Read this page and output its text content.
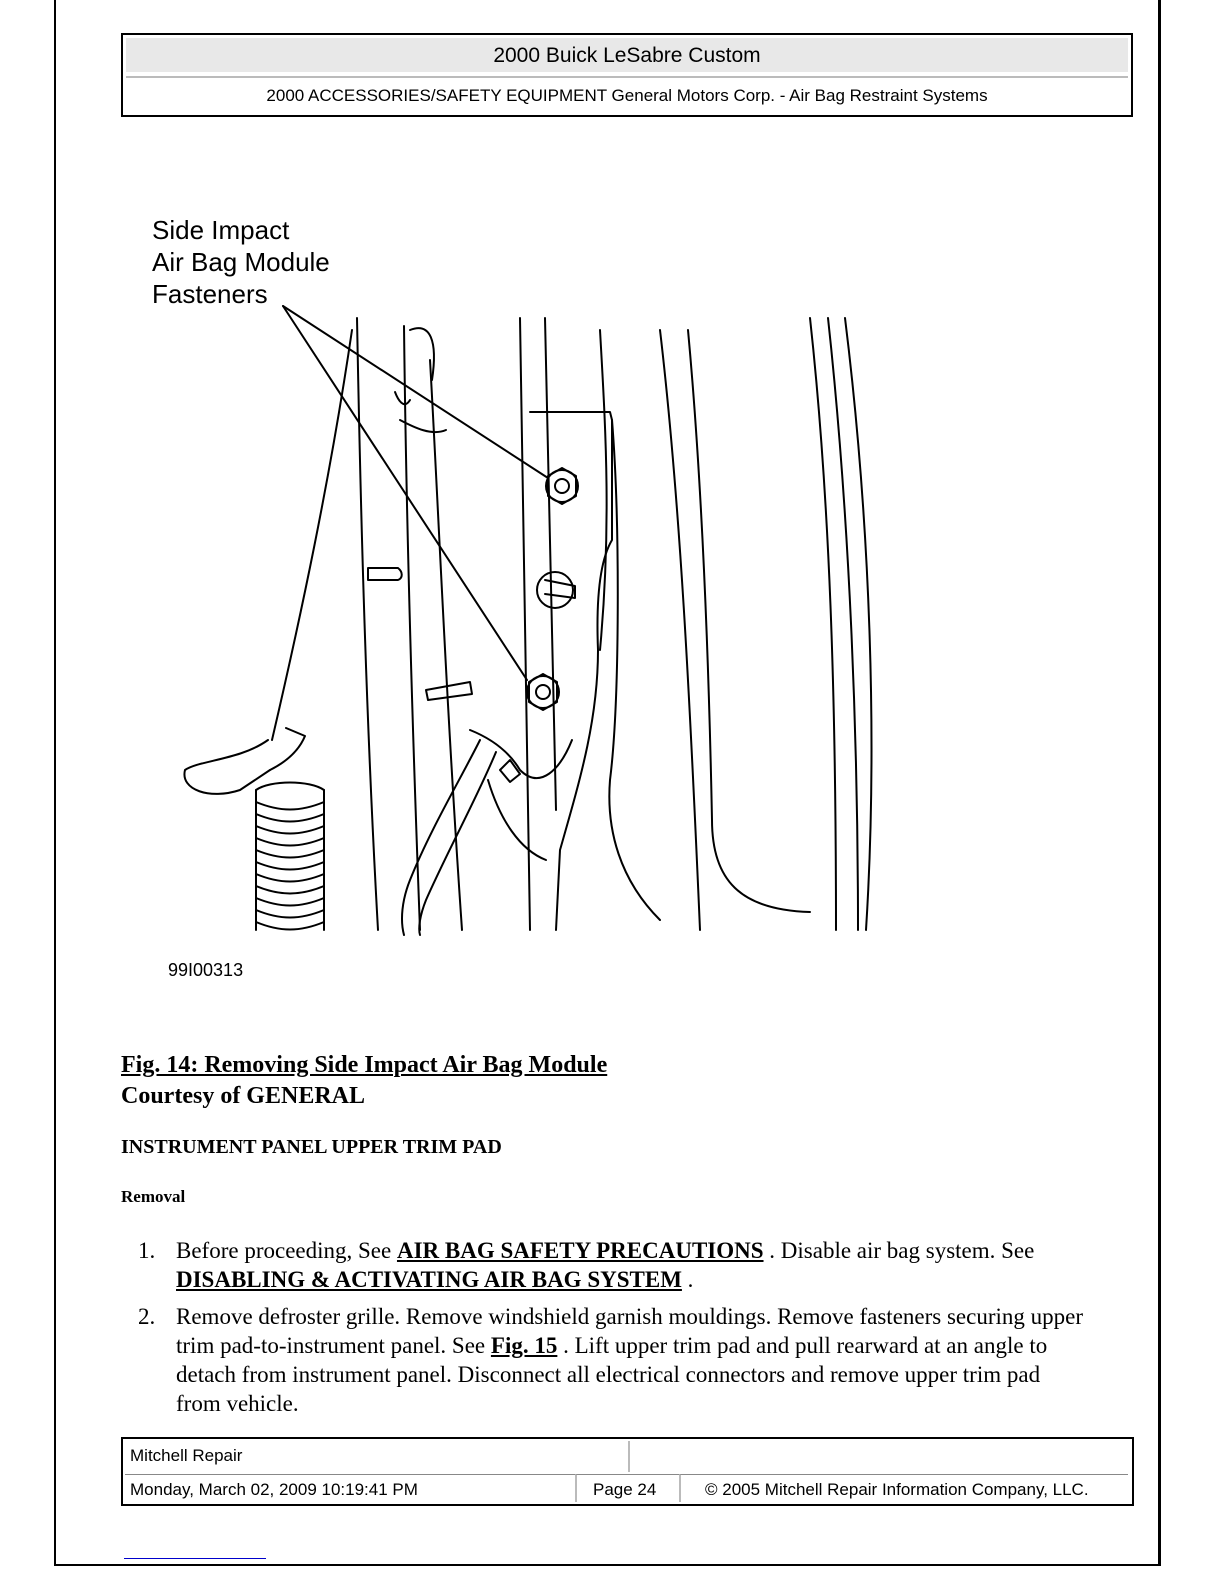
2000 Buick LeSabre Custom
2000 ACCESSORIES/SAFETY EQUIPMENT General Motors Corp. - Air Bag Restraint Systems
Side Impact
Air Bag Module
Fasteners
99I00313
Fig. 14: Removing Side Impact Air Bag Module
Courtesy of GENERAL
INSTRUMENT PANEL UPPER TRIM PAD
Removal
1. Before proceeding, See AIR BAG SAFETY PRECAUTIONS . Disable air bag system. See DISABLING & ACTIVATING AIR BAG SYSTEM .
2. Remove defroster grille. Remove windshield garnish mouldings. Remove fasteners securing upper trim pad-to-instrument panel. See Fig. 15 . Lift upper trim pad and pull rearward at an angle to detach from instrument panel. Disconnect all electrical connectors and remove upper trim pad from vehicle.
Mitchell Repair
Monday, March 02, 2009 10:19:41 PM	Page 24	© 2005 Mitchell Repair Information Company, LLC.
